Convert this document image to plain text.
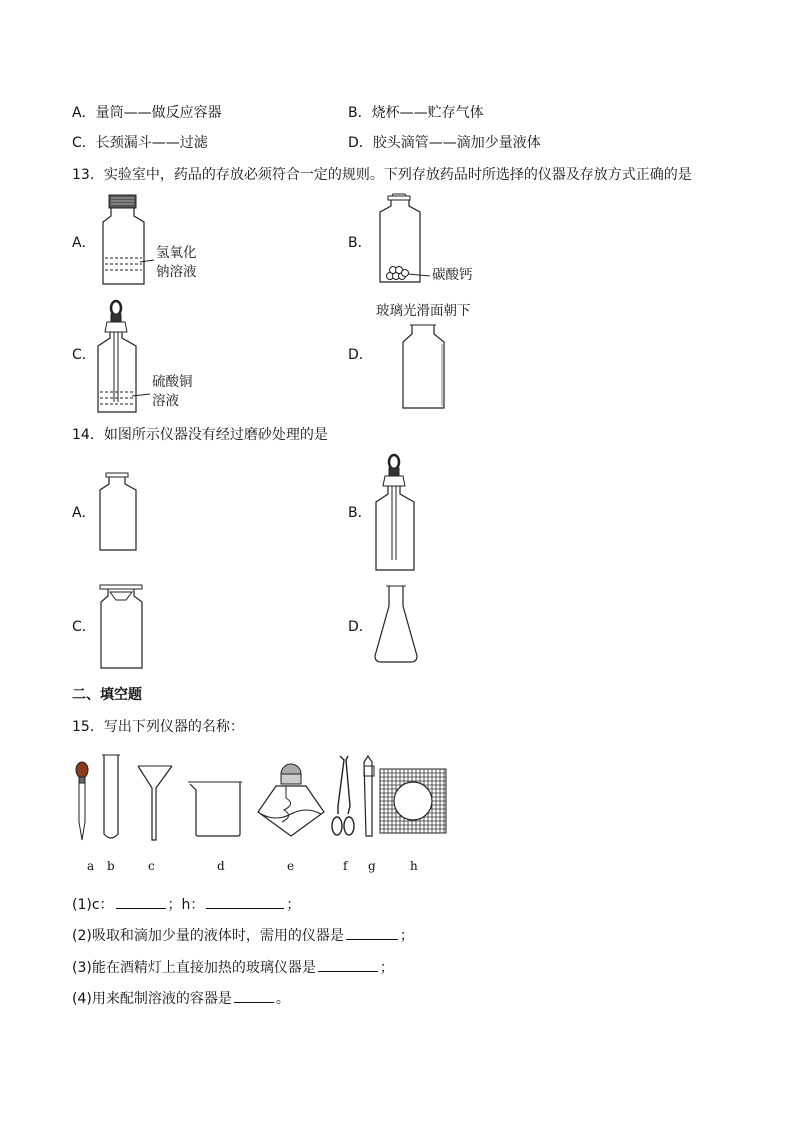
A．量筒——做反应容器	B．烧杯——贮存气体
C．长颈漏斗——过滤	D．胶头滴管——滴加少量液体
13．实验室中，药品的存放必须符合一定的规则。下列存放药品时所选择的仪器及存放方式正确的是
A．
氢氧化
钠溶液
B．
碳酸钙
C．
硫酸铜
溶液
D．
玻璃光滑面朝下
14．如图所示仪器没有经过磨砂处理的是
A．	B．
C．	D．
二、填空题
15．写出下列仪器的名称：
a b	c	d	e	f g	h
(1)c：	；h：	；
(2)吸取和滴加少量的液体时，需用的仪器是	；
(3)能在酒精灯上直接加热的玻璃仪器是	；
(4)用来配制溶液的容器是	。
